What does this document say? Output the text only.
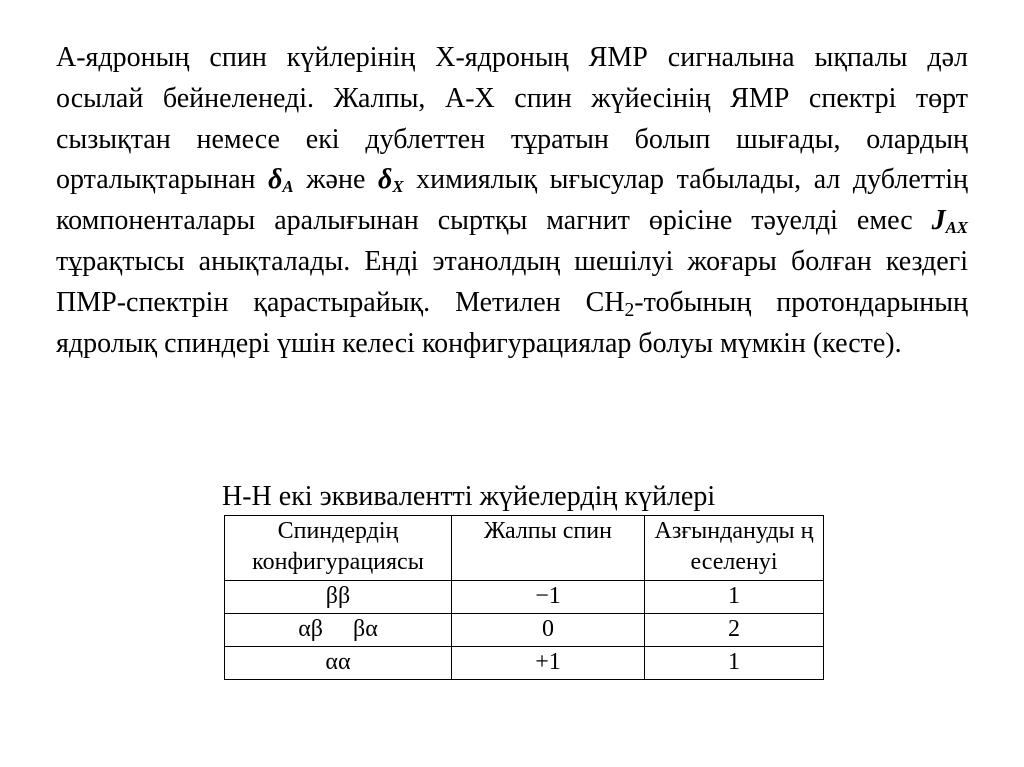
А-ядроның спин күйлерінің Х-ядроның ЯМР сигналына ықпалы дәл осылай бейнеленеді. Жалпы, А-Х спин жүйесінің ЯМР спектрі төрт сызықтан немесе екі дублеттен тұратын болып шығады, олардың орталықтарынан $\delta_A$ және $\delta_X$ химиялық ығысулар табылады, ал дублеттің компоненталары аралығынан сыртқы магнит өрісіне тәуелді емес $J_{AX}$ тұрақтысы анықталады. Енді этанолдың шешілуі жоғары болған кездегі ПМР-спектрін қарастырайық. Метилен $CH_2$-тобының протондарының ядролық спиндері үшін келесі конфигурациялар болуы мүмкін (кесте).
H-H екі эквивалентті жүйелердің күйлері
Спиндердің конфигурациясы	Жалпы спин	Азғындануды ң еселенуі
ββ	−1	1
αβ     βα	0	2
αα	+1	1
